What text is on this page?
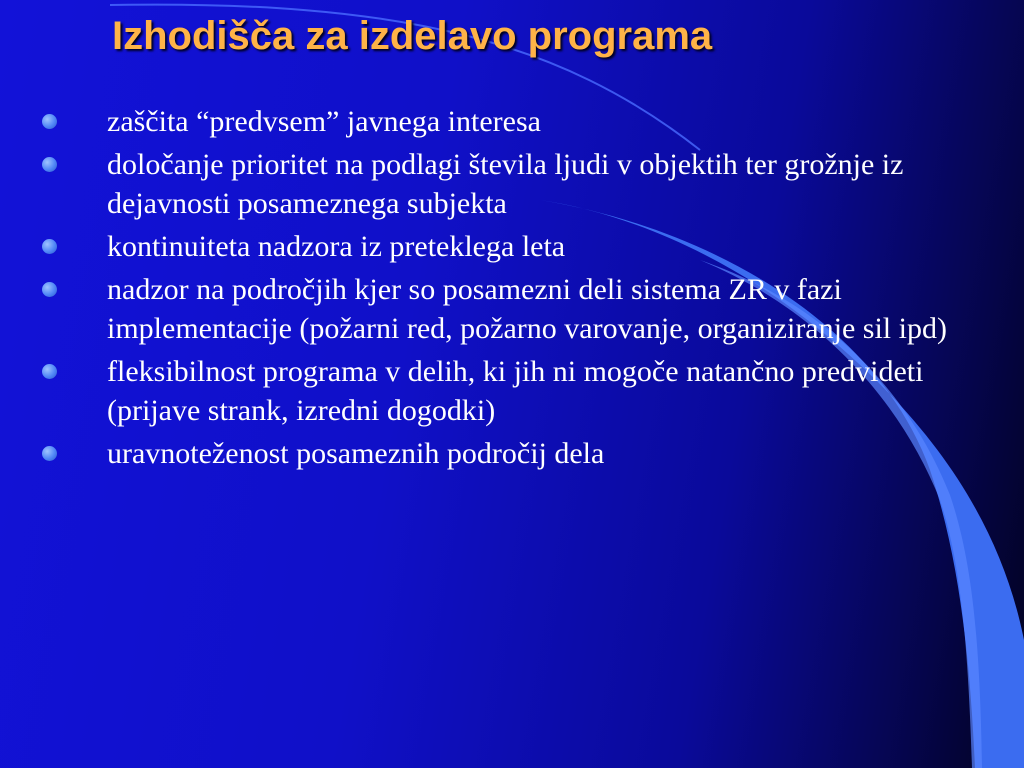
Izhodišča za izdelavo programa
zaščita “predvsem” javnega interesa
določanje prioritet na podlagi števila ljudi v objektih ter grožnje iz dejavnosti posameznega subjekta
kontinuiteta nadzora iz preteklega leta
nadzor na področjih kjer so posamezni deli sistema ZR v fazi implementacije (požarni red, požarno varovanje, organiziranje sil ipd)
fleksibilnost programa v delih, ki jih ni mogoče natančno predvideti (prijave strank, izredni dogodki)
uravnoteženost posameznih področij dela
